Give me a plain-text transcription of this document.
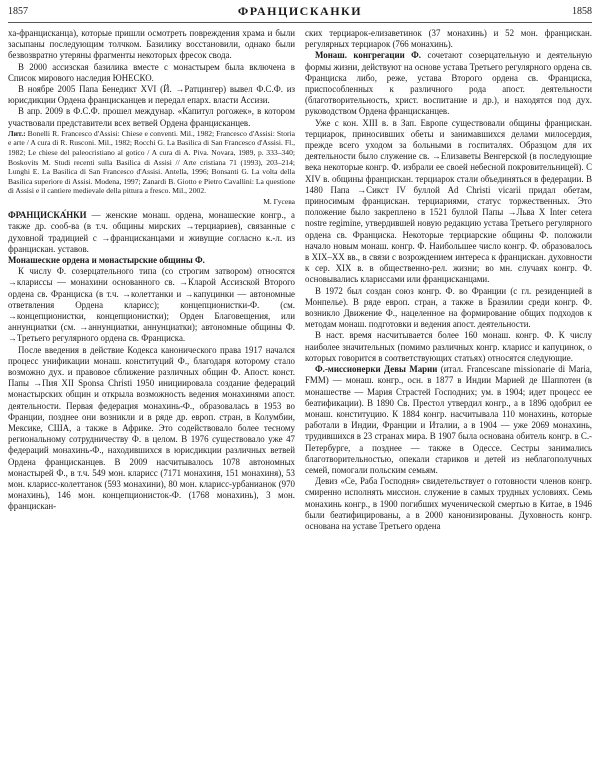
1857	ФРАНЦИСКАНКИ	1858

ха-францисканца), которые пришли осмотреть повреждения храма и были засыпаны последующим толчком. Базилику восстановили, однако были безвозвратно утеряны фрагменты некоторых фресок свода.

В 2000 ассизская базилика вместе с монастырем была включена в Список мирового наследия ЮНЕСКО.

В ноябре 2005 Папа Бенедикт XVI (Й. →Ратцингер) вывел Ф.С.Ф. из юрисдикции Ордена францисканцев и передал епарх. власти Ассизи.

В апр. 2009 в Ф.С.Ф. прошел междунар. «Капитул рогожек», в котором участвовали представители всех ветвей Ордена францисканцев.

Лит.: Bonelli R. Francesco d'Assisi: Chiese e conventi. Mil., 1982; Francesco d'Assisi: Storia e arte / A cura di R. Rusconi. Mil., 1982; Rocchi G. La Basilica di San Francesco d'Assisi. Fl., 1982; Le chiese del paleocristiano al gotico / A cura di A. Piva. Novara, 1989, p. 333–340; Boskovits M. Studi recenti sulla Basilica di Assisi // Arte cristiana 71 (1993), 203–214; Lunghi E. La Basilica di San Francesco d'Assisi. Antella, 1996; Bonsanti G. La volta della Basilica superiore di Assisi. Modena, 1997; Zanardi B. Giotto e Pietro Cavallini: La questione di Assisi e il cantiere medievale della pittura a fresco. Mil., 2002.

М. Гусева

ФРАНЦИСКА́НКИ — женские монаш. ордена, монашеские конгр., а также др. сооб-ва (в т.ч. общины мирских →терциариев), связанные с духовной традицией с →францисканцами и живущие согласно к.-л. из францискан. уставов.

Монашеские ордена и монастырские общины Ф.

К числу Ф. созерцательного типа (со строгим затвором) относятся →клариссы — монахини основанного св. →Кларой Ассизской Второго ордена св. Франциска (в т.ч. →колеттанки и →капуцинки — автономные ответвления Ордена кларисс); концепционистки-Ф. (см. →концепционистки, концепционистки); Орден Благовещения, или аннунциатки (см. →аннунциатки, аннунциатки); автономные общины Ф. →Третьего регулярного ордена св. Франциска.

После введения в действие Кодекса канонического права 1917 начался процесс унификации монаш. конституций Ф., благодаря которому стало возможно дух. и правовое сближение различных общин Ф. Апост. конст. Папы →Пия XII Sponsa Christi 1950 инициировала создание федераций монастырских общин и открыла возможность ведения монахинями апост. деятельности. Первая федерация монахинь-Ф., образовалась в 1953 во Франции, позднее они возникли и в ряде др. европ. стран, в Колумбии, Мексике, США, а также в Африке. Это содействовало более тесному региональному сотрудничеству Ф. в целом. В 1976 существовало уже 47 федераций монахинь-Ф., находившихся в юрисдикции различных ветвей Ордена францисканцев. В 2009 насчитывалось 1078 автономных монастырей Ф., в т.ч. 549 мон. кларисс (7171 монахиня, 151 монахиня), 53 мон. кларисс-колеттанок (593 монахини), 80 мон. кларисс-урбанианок (970 монахинь), 146 мон. концепционисток-Ф. (1768 монахинь), 3 мон. францискан-

ских терциарок-елизаветинок (37 монахинь) и 52 мон. францискан. регулярных терциарок (766 монахинь).

Монаш. конгрегации Ф. сочетают созерцательную и деятельную формы жизни, действуют на основе устава Третьего регулярного ордена св. Франциска либо, реже, устава Второго ордена св. Франциска, приспособленных к различного рода апост. деятельности (благотворительность, христ. воспитание и др.), и находятся под дух. руководством Ордена францисканцев.

Уже с кон. XIII в. в Зап. Европе существовали общины францискан. терциарок, приносивших обеты и занимавшихся делами милосердия, прежде всего уходом за больными в госпиталях. Образцом для их деятельности было служение св. →Елизаветы Венгерской (в последующие века некоторые конгр. Ф. избрали ее своей небесной покровительницей). С XIV в. общины францискан. терциарок стали объединяться в федерации. В 1480 Папа →Сикст IV буллой Ad Christi vicarii придал обетам, приносимым францискан. терциариями, статус торжественных. Это положение было закреплено в 1521 буллой Папы →Льва X Inter cetera nostre regimine, утвердившей новую редакцию устава Третьего регулярного ордена св. Франциска. Некоторые терциарские общины Ф. положили начало новым монаш. конгр. Ф. Наибольшее число конгр. Ф. образовалось в XIX–XX вв., в связи с возрождением интереса к францискан. духовности к сер. XIX в. в общественно-рел. жизни; во мн. случаях конгр. Ф. основывались клариссами или францисканцами.

В 1972 был создан союз конгр. Ф. во Франции (с гл. резиденцией в Монпелье). В ряде европ. стран, а также в Бразилии среди конгр. Ф. возникло Движение Ф., нацеленное на формирование общих подходов к методам монаш. подготовки и ведения апост. деятельности.

В наст. время насчитывается более 160 монаш. конгр. Ф. К числу наиболее значительных (помимо различных конгр. кларисс и капуцинок, о которых говорится в соответствующих статьях) относятся следующие.

Ф.-миссионерки Девы Марии (итал. Francescane missionarie di Maria, FMM) — монаш. конгр., осн. в 1877 в Индии Марией де Шаппотен (в монашестве — Мария Страстей Господних; ум. в 1904; идет процесс ее беатификации). В 1890 Св. Престол утвердил конгр., а в 1896 одобрил ее монаш. конституцию. К 1884 конгр. насчитывала 110 монахинь, которые работали в Индии, Франции и Италии, а в 1904 — уже 2069 монахинь, трудившихся в 23 странах мира. В 1907 была основана обитель конгр. в С.-Петербурге, а позднее — также в Одессе. Сестры занимались благотворительностью, опекали стариков и детей из неблагополучных семей, помогали польским семьям.

Девиз «Се, Раба Господня» свидетельствует о готовности членов конгр. смиренно исполнять миссион. служение в самых трудных условиях. Семь монахинь конгр., в 1900 погибших мученической смертью в Китае, в 1946 были беатифицированы, а в 2000 канонизированы. Духовность конгр. основана на уставе Третьего ордена
